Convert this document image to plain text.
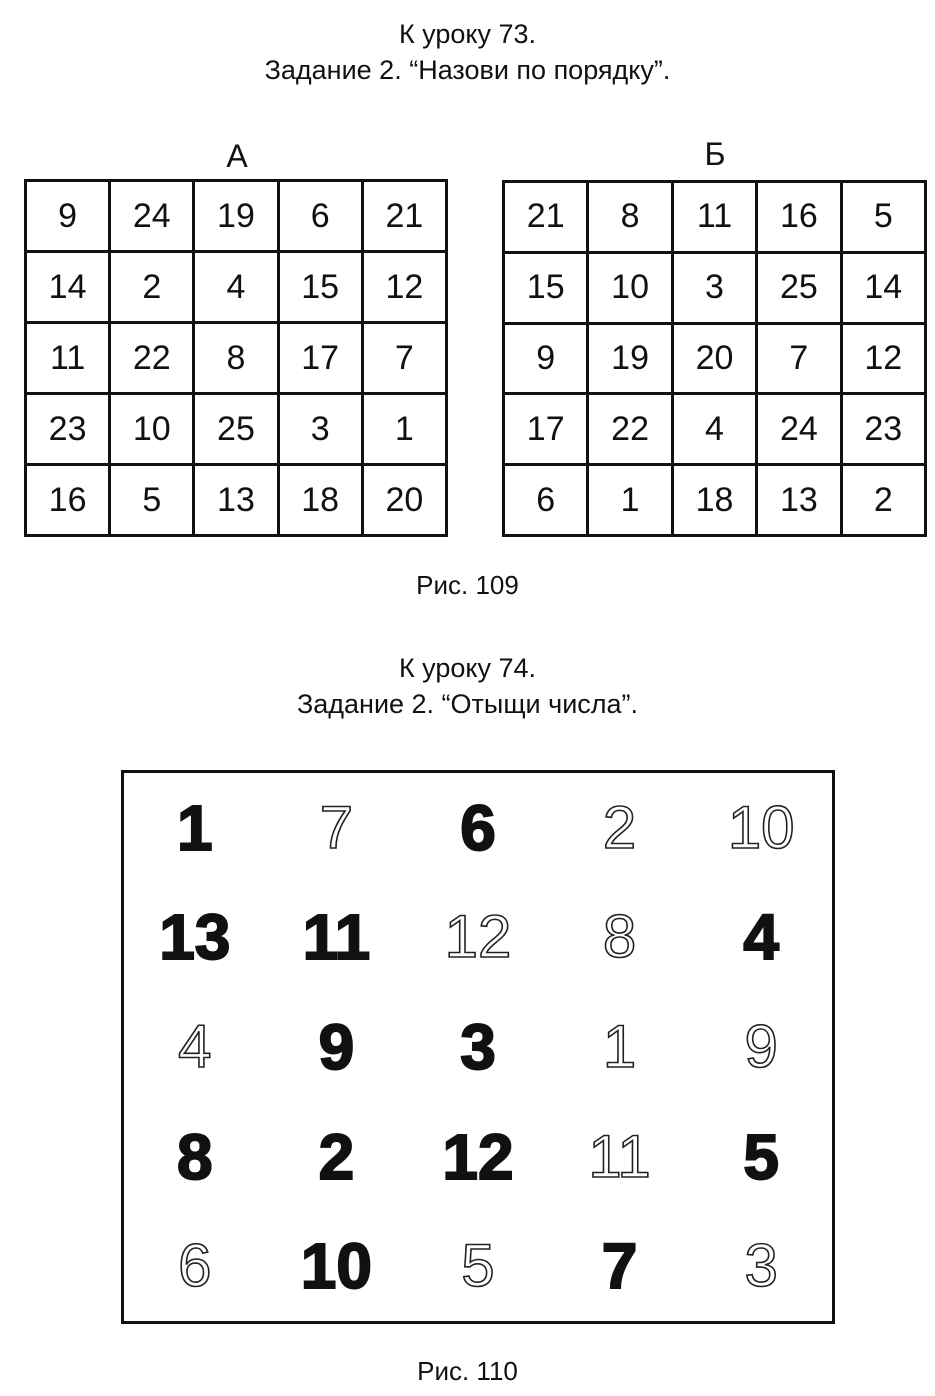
К уроку 73.
Задание 2. “Назови по порядку”.
А	Б
9	24	19	6	21
14	2	4	15	12
11	22	8	17	7
23	10	25	3	1
16	5	13	18	20
21	8	11	16	5
15	10	3	25	14
9	19	20	7	12
17	22	4	24	23
6	1	18	13	2
Рис. 109
К уроку 74.
Задание 2. “Отыщи числа”.
1	7	6	2	10
13	11	12	8	4
4	9	3	1	9
8	2	12	11	5
6	10	5	7	3
Рис. 110
